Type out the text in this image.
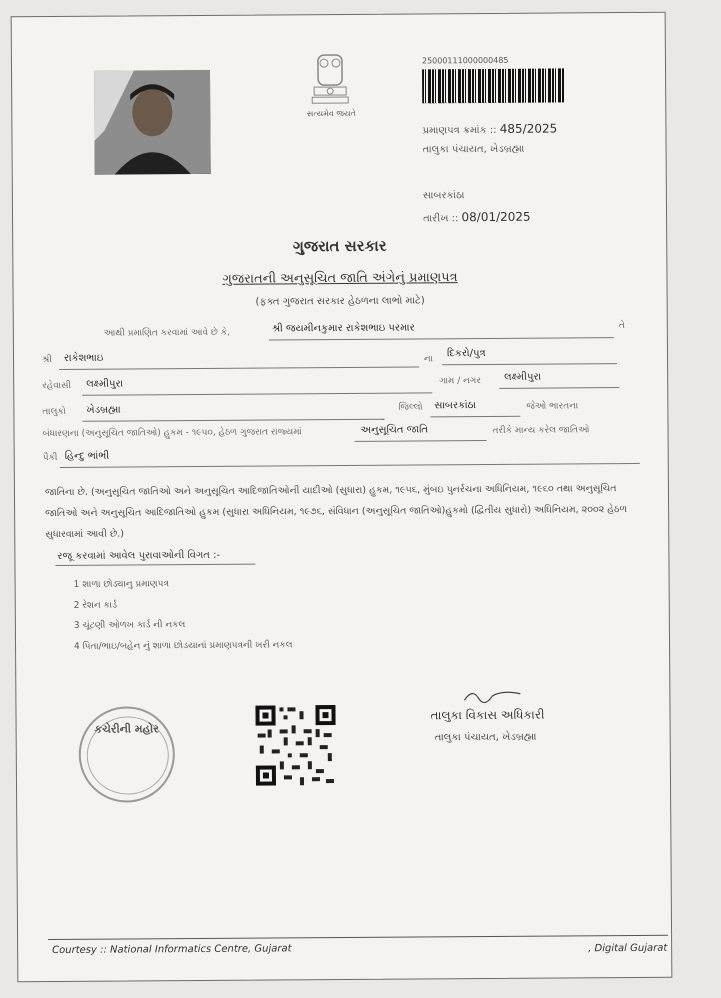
સત્યમેવ જયતે
25000111000000485
પ્રમાણપત્ર ક્રમાંક :: 485/2025
તાલુકા પંચાયત, ખેડબ્રહ્મા
સાબરકાંઠા
તારીખ :: 08/01/2025
ગુજરાત સરકાર
ગુજરાતની અનુસૂચિત જાતિ અંગેનું પ્રમાણપત્ર
(ફક્ત ગુજરાત સરકાર હેઠળના લાભો માટે)
આથી પ્રમાણિત કરવામાં આવે છે કે,	શ્રી જયમીનકુમાર રાકેશભાઇ પરમાર	તે
શ્રી રાકેશભાઇ	ના
દિકરો/પુત્ર
રહેવાસી લક્ષ્મીપુરા	ગામ / નગર લક્ષ્મીપુરા
તાલુકો ખેડબ્રહ્મા	જિલ્લો સાબરકાંઠા	જેઓ ભારતના
બંધારણના (અનુસૂચિત જાતિઓ) હુકમ - ૧૯૫૦, હેઠળ ગુજરાત રાજ્યમાં	અનુસૂચિત જાતિ	તરીકે માન્ય કરેલ જાતિઓ
પૈકી હિન્દુ ભાંભી
જાતિના છે. (અનુસૂચિત જાતિઓ અને અનુસૂચિત આદિજાતિઓની યાદીઓ (સુધારા) હુકમ, ૧૯૫૬, મુંબઇ પુનર્રચના અધિનિયમ, ૧૯૬૦ તથા અનુસૂચિત જાતિઓ અને અનુસૂચિત આદિજાતિઓ હુકમ (સુધારા અધિનિયમ, ૧૯૭૬, સંવિધાન (અનુસૂચિત જાતિઓ)હુકમો (દ્વિતીય સુધારો) અધિનિયમ, ૨૦૦૨ હેઠળ સુધારવામાં આવી છે.)
રજૂ કરવામાં આવેલ પુરાવાઓની વિગત :-
1 શાળા છોડ્યાનુ પ્રમાણપત્ર
2 રેશન કાર્ડ
3 ચૂંટણી ઓળખ કાર્ડ ની નકલ
4 પિતા/ભાઇ/બહેન નું શાળા છોડયાનાં પ્રમાણપત્રની ખરી નકલ
કચેરીની મહોર
તાલુકા વિકાસ અધિકારી
તાલુકા પંચાયત, ખેડબ્રહ્મા
Courtesy :: National Informatics Centre, Gujarat	, Digital Gujarat
